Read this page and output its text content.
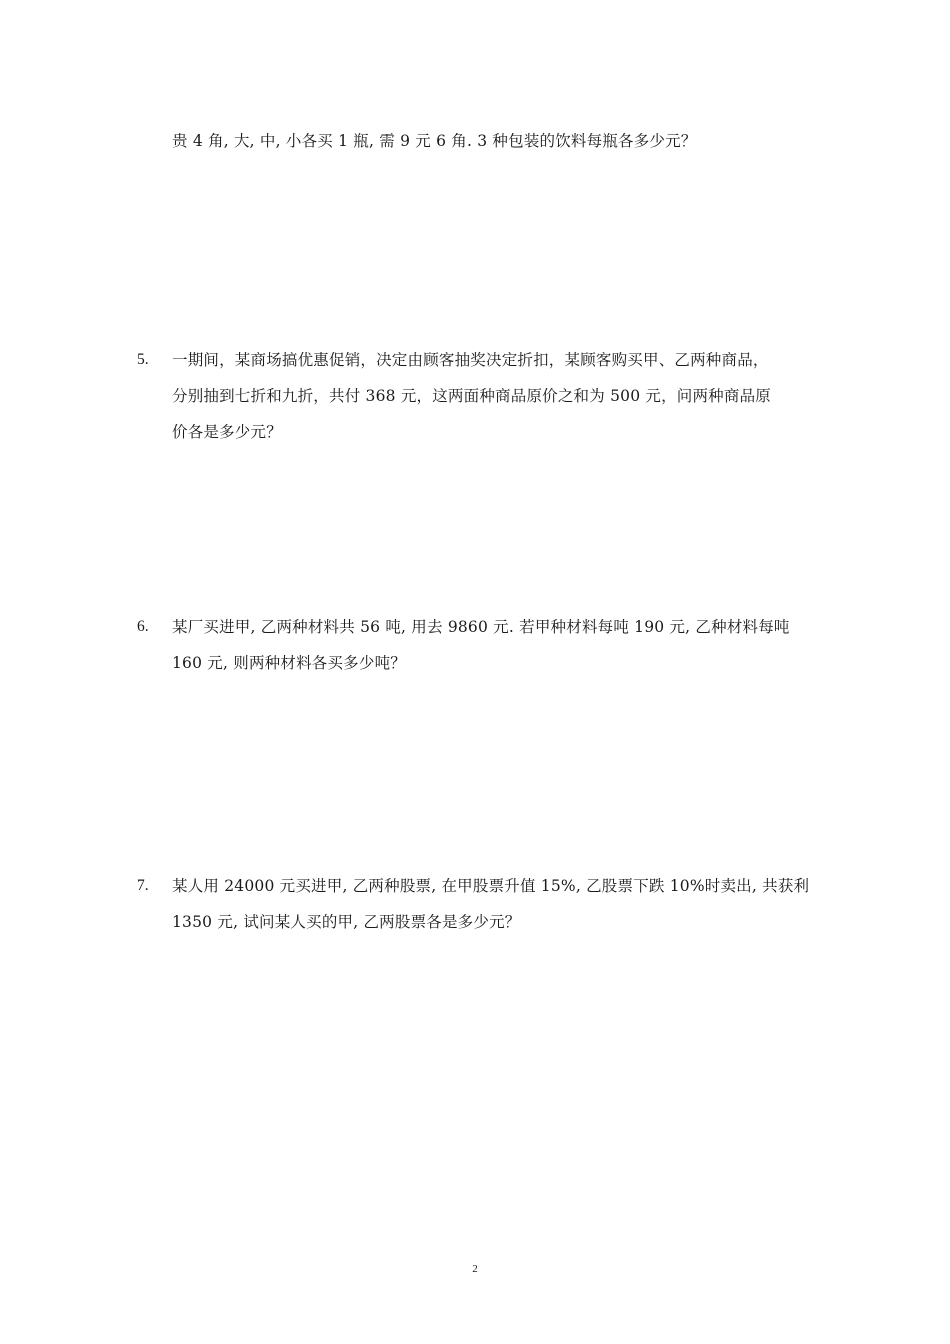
贵 4 角, 大, 中, 小各买 1 瓶, 需 9 元 6 角. 3 种包装的饮料每瓶各多少元？
5. 一期间，某商场搞优惠促销，决定由顾客抽奖决定折扣，某顾客购买甲、乙两种商品，
分别抽到七折和九折，共付 368 元，这两面种商品原价之和为 500 元，问两种商品原
价各是多少元？
6. 某厂买进甲, 乙两种材料共 56 吨, 用去 9860 元. 若甲种材料每吨 190 元, 乙种材料每吨
160 元, 则两种材料各买多少吨？
7. 某人用 24000 元买进甲, 乙两种股票, 在甲股票升值 15%, 乙股票下跌 10%时卖出, 共获利
1350 元, 试问某人买的甲, 乙两股票各是多少元？
2
